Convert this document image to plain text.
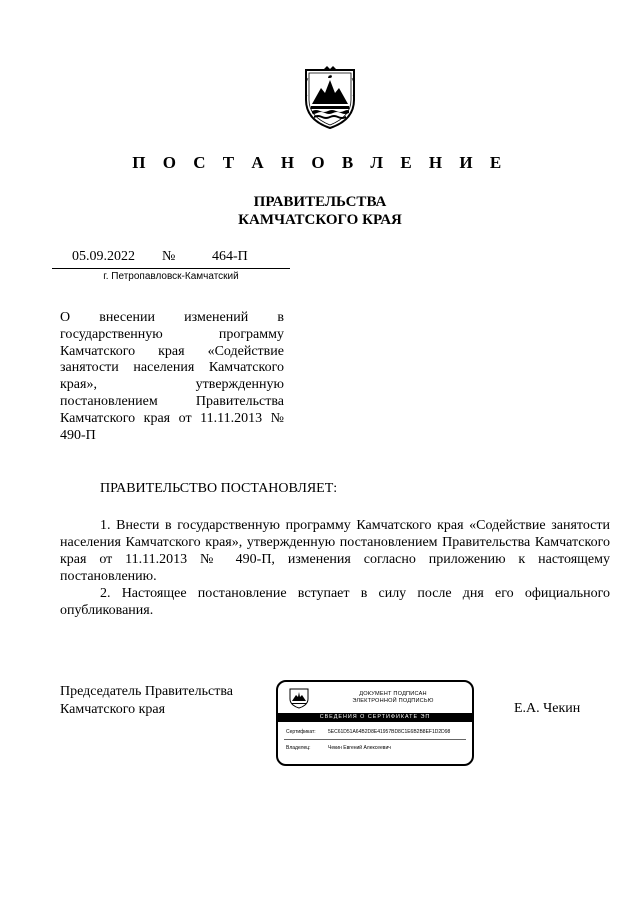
П О С Т А Н О В Л Е Н И Е
ПРАВИТЕЛЬСТВА
КАМЧАТСКОГО КРАЯ
05.09.2022 №	464-П
г. Петропавловск-Камчатский
О внесении изменений в государственную программу Камчатского края «Содействие занятости населения Камчатского края», утвержденную постановлением Правительства Камчатского края от 11.11.2013 № 490-П
ПРАВИТЕЛЬСТВО ПОСТАНОВЛЯЕТ:

1. Внести в государственную программу Камчатского края «Содействие занятости населения Камчатского края», утвержденную постановлением Правительства Камчатского края от 11.11.2013 № 490-П, изменения согласно приложению к настоящему постановлению.

2. Настоящее постановление вступает в силу после дня его официального опубликования.

Председатель Правительства
Камчатского края
ДОКУМЕНТ ПОДПИСАН
ЭЛЕКТРОННОЙ ПОДПИСЬЮ
СВЕДЕНИЯ О СЕРТИФИКАТЕ ЭП
Сертификат: 5EC61D51A64B2D8E41957BD8C1E6B2B8EF1D2D98
Владелец:	Чекин Евгений Алексеевич
Е.А. Чекин
